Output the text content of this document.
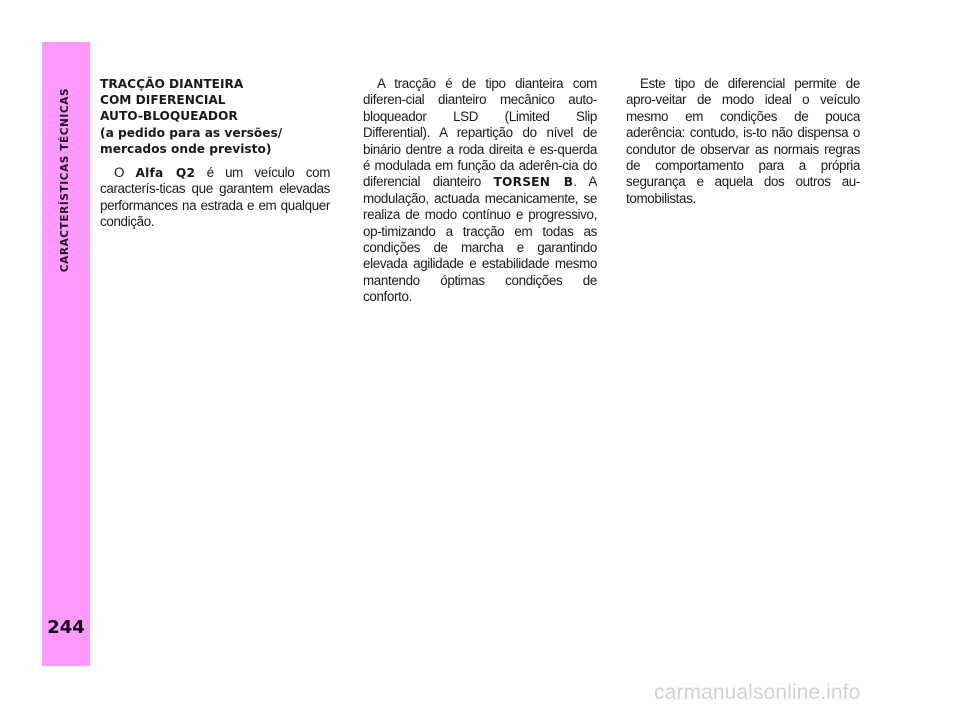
CARACTERÍSTICAS TÉCNICAS
244
TRACÇÃO DIANTEIRA
COM DIFERENCIAL
AUTO-BLOQUEADOR
(a pedido para as versões/
mercados onde previsto)

O Alfa Q2 é um veículo com caracterís-ticas que garantem elevadas performances na estrada e em qualquer condição.

A tracção é de tipo dianteira com diferen-cial dianteiro mecânico auto-bloqueador LSD (Limited Slip Differential). A repartição do nível de binário dentre a roda direita e es-querda é modulada em função da aderên-cia do diferencial dianteiro TORSEN B. A modulação, actuada mecanicamente, se realiza de modo contínuo e progressivo, op-timizando a tracção em todas as condições de marcha e garantindo elevada agilidade e estabilidade mesmo mantendo óptimas condições de conforto.

Este tipo de diferencial permite de apro-veitar de modo ideal o veículo mesmo em condições de pouca aderência: contudo, is-to não dispensa o condutor de observar as normais regras de comportamento para a própria segurança e aquela dos outros au-tomobilistas.

carmanualsonline.info
